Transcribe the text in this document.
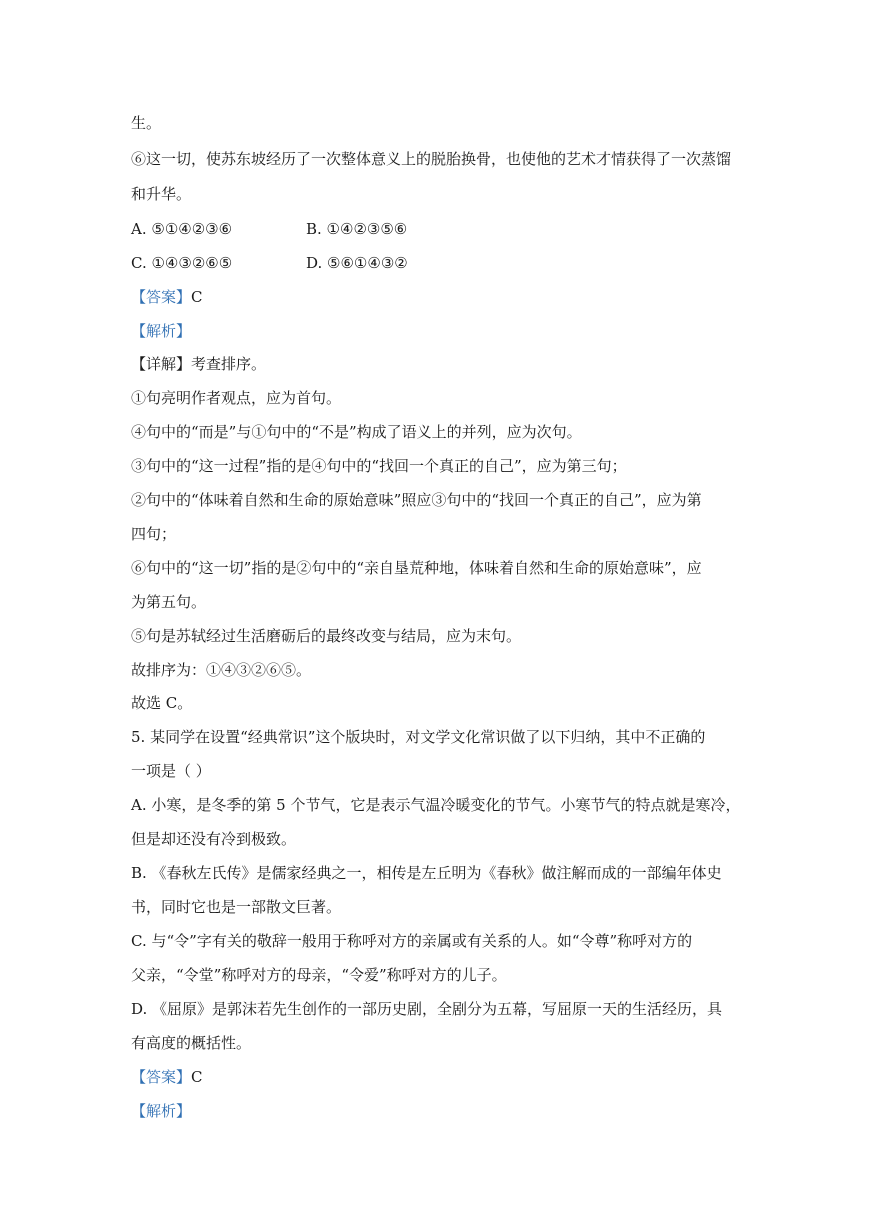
生。
⑥这一切，使苏东坡经历了一次整体意义上的脱胎换骨，也使他的艺术才情获得了一次蒸馏
和升华。
A. ⑤①④②③⑥	B. ①④②③⑤⑥
C. ①④③②⑥⑤	D. ⑤⑥①④③②
【答案】C
【解析】
【详解】考查排序。
①句亮明作者观点，应为首句。
④句中的“而是”与①句中的“不是”构成了语义上的并列，应为次句。
③句中的“这一过程”指的是④句中的“找回一个真正的自己”，应为第三句；
②句中的“体味着自然和生命的原始意味”照应③句中的“找回一个真正的自己”，应为第
四句；
⑥句中的“这一切”指的是②句中的“亲自垦荒种地，体味着自然和生命的原始意味”，应
为第五句。
⑤句是苏轼经过生活磨砺后的最终改变与结局，应为末句。
故排序为：①④③②⑥⑤。
故选 C。
5. 某同学在设置“经典常识”这个版块时，对文学文化常识做了以下归纳，其中不正确的
一项是（ ）
A. 小寒，是冬季的第 5 个节气，它是表示气温冷暖变化的节气。小寒节气的特点就是寒冷，
但是却还没有冷到极致。
B. 《春秋左氏传》是儒家经典之一，相传是左丘明为《春秋》做注解而成的一部编年体史
书，同时它也是一部散文巨著。
C. 与“令”字有关的敬辞一般用于称呼对方的亲属或有关系的人。如“令尊”称呼对方的
父亲，“令堂”称呼对方的母亲，“令爱”称呼对方的儿子。
D. 《屈原》是郭沫若先生创作的一部历史剧，全剧分为五幕，写屈原一天的生活经历，具
有高度的概括性。
【答案】C
【解析】
